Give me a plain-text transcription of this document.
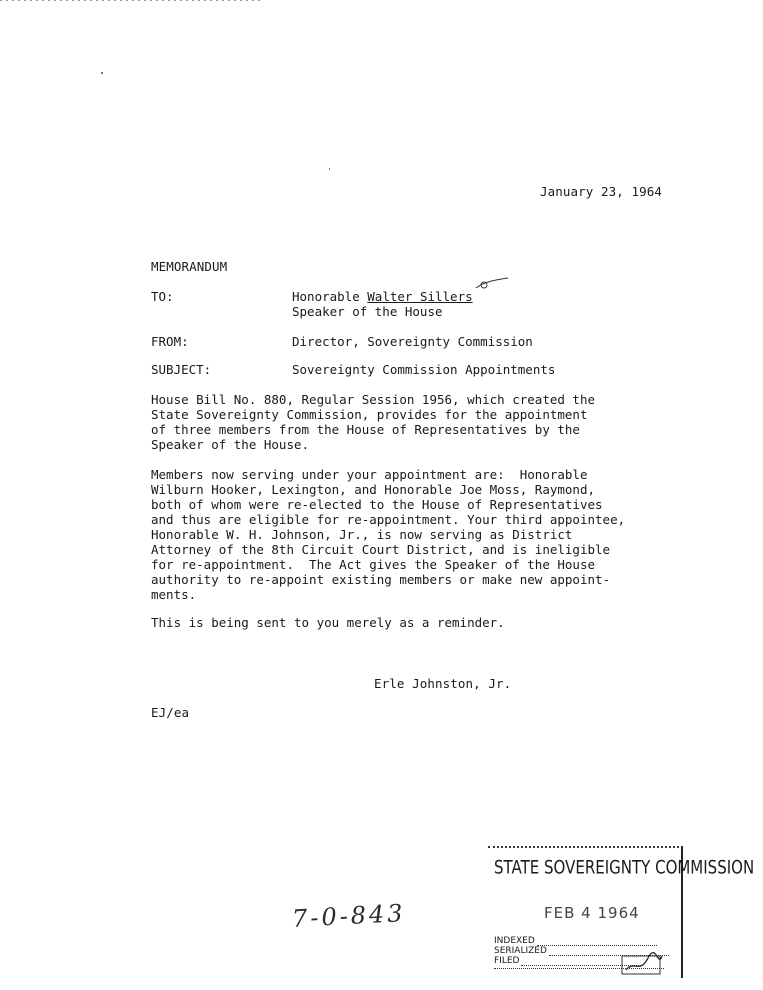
January 23, 1964
MEMORANDUM
TO:	Honorable Walter Sillers
Speaker of the House
FROM:	Director, Sovereignty Commission
SUBJECT:	Sovereignty Commission Appointments
House Bill No. 880, Regular Session 1956, which created the
State Sovereignty Commission, provides for the appointment
of three members from the House of Representatives by the
Speaker of the House.
Members now serving under your appointment are:  Honorable
Wilburn Hooker, Lexington, and Honorable Joe Moss, Raymond,
both of whom were re-elected to the House of Representatives
and thus are eligible for re-appointment. Your third appointee,
Honorable W. H. Johnson, Jr., is now serving as District
Attorney of the 8th Circuit Court District, and is ineligible
for re-appointment.  The Act gives the Speaker of the House
authority to re-appoint existing members or make new appoint-
ments.
This is being sent to you merely as a reminder.
Erle Johnston, Jr.
EJ/ea
7-0-843
STATE SOVEREIGNTY COMMISSION
FEB 4 1964
INDEXED
SERIALIZED
FILED
